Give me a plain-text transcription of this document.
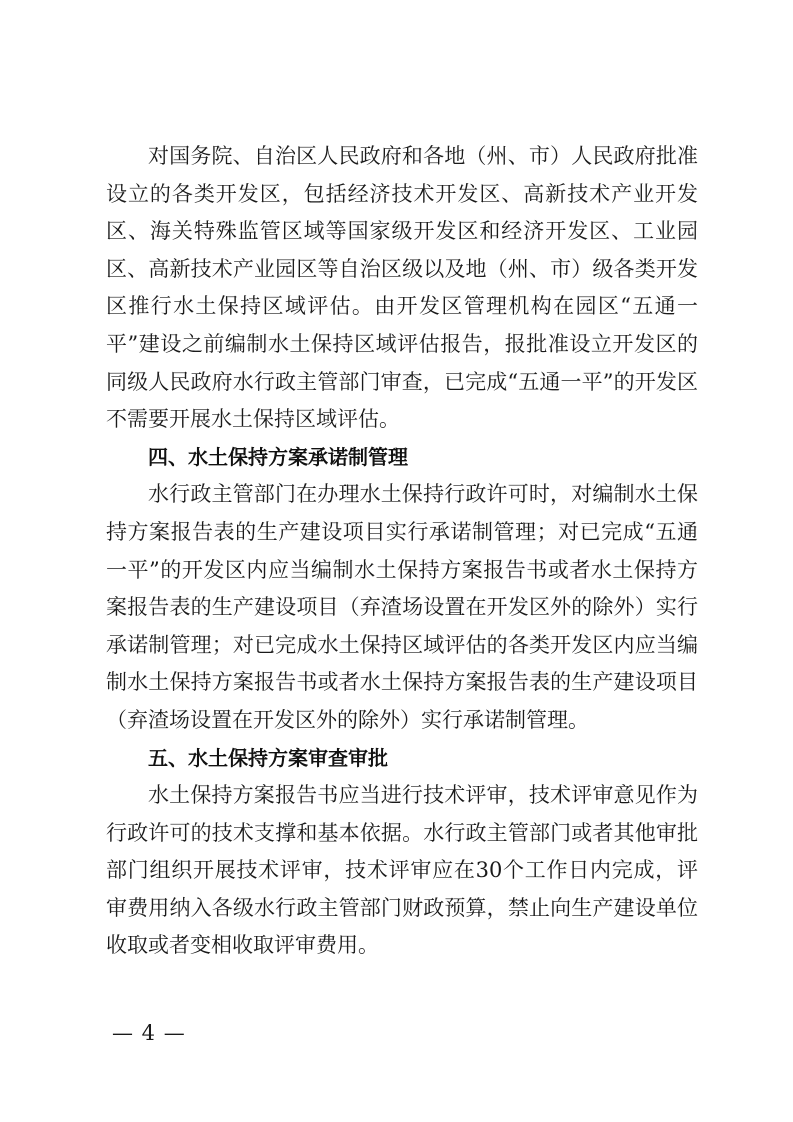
对国务院、自治区人民政府和各地（州、市）人民政府批准设立的各类开发区，包括经济技术开发区、高新技术产业开发区、海关特殊监管区域等国家级开发区和经济开发区、工业园区、高新技术产业园区等自治区级以及地（州、市）级各类开发区推行水土保持区域评估。由开发区管理机构在园区“五通一平”建设之前编制水土保持区域评估报告，报批准设立开发区的同级人民政府水行政主管部门审查，已完成“五通一平”的开发区不需要开展水土保持区域评估。

四、水土保持方案承诺制管理

水行政主管部门在办理水土保持行政许可时，对编制水土保持方案报告表的生产建设项目实行承诺制管理；对已完成“五通一平”的开发区内应当编制水土保持方案报告书或者水土保持方案报告表的生产建设项目（弃渣场设置在开发区外的除外）实行承诺制管理；对已完成水土保持区域评估的各类开发区内应当编制水土保持方案报告书或者水土保持方案报告表的生产建设项目（弃渣场设置在开发区外的除外）实行承诺制管理。

五、水土保持方案审查审批

水土保持方案报告书应当进行技术评审，技术评审意见作为行政许可的技术支撑和基本依据。水行政主管部门或者其他审批部门组织开展技术评审，技术评审应在30个工作日内完成，评审费用纳入各级水行政主管部门财政预算，禁止向生产建设单位收取或者变相收取评审费用。

— 4 —
